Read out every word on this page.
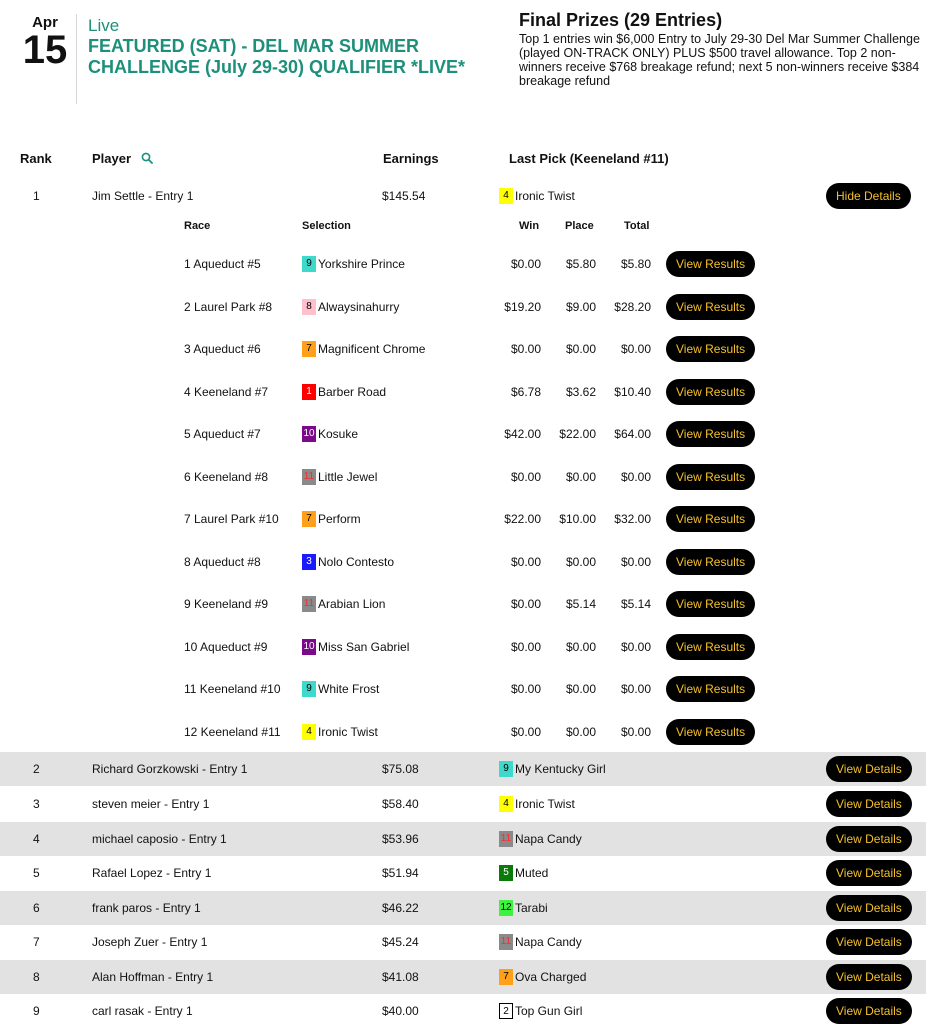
Apr
15
Live
FEATURED (SAT) - DEL MAR SUMMER CHALLENGE (July 29-30) QUALIFIER *LIVE*
Final Prizes (29 Entries)
Top 1 entries win $6,000 Entry to July 29-30 Del Mar Summer Challenge (played ON-TRACK ONLY) PLUS $500 travel allowance. Top 2 non-winners receive $768 breakage refund; next 5 non-winners receive $384 breakage refund
Rank	Player	Earnings	Last Pick (Keeneland #11)
1	Jim Settle - Entry 1	$145.54	4 Ironic Twist	Hide Details
2	Richard Gorzkowski - Entry 1	$75.08	9 My Kentucky Girl	View Details
3	steven meier - Entry 1	$58.40	4 Ironic Twist	View Details
4	michael caposio - Entry 1	$53.96	11 Napa Candy	View Details
5	Rafael Lopez - Entry 1	$51.94	5 Muted	View Details
6	frank paros - Entry 1	$46.22	12 Tarabi	View Details
7	Joseph Zuer - Entry 1	$45.24	11 Napa Candy	View Details
8	Alan Hoffman - Entry 1	$41.08	7 Ova Charged	View Details
9	carl rasak - Entry 1	$40.00	2 Top Gun Girl	View Details
Race	Selection	Win Place	Total
1 Aqueduct #5	9 Yorkshire Prince	$0.00 $5.80 $5.80	View Results
2 Laurel Park #8	8 Alwaysinahurry	$19.20 $9.00 $28.20	View Results
3 Aqueduct #6	7 Magnificent Chrome	$0.00 $0.00 $0.00	View Results
4 Keeneland #7	1 Barber Road	$6.78 $3.62 $10.40	View Results
5 Aqueduct #7	10 Kosuke	$42.00 $22.00 $64.00	View Results
6 Keeneland #8	11 Little Jewel	$0.00 $0.00 $0.00	View Results
7 Laurel Park #10	7 Perform	$22.00 $10.00 $32.00	View Results
8 Aqueduct #8	3 Nolo Contesto	$0.00 $0.00 $0.00	View Results
9 Keeneland #9	11 Arabian Lion	$0.00 $5.14 $5.14	View Results
10 Aqueduct #9	10 Miss San Gabriel	$0.00 $0.00 $0.00	View Results
11 Keeneland #10	9 White Frost	$0.00 $0.00 $0.00	View Results
12 Keeneland #11	4 Ironic Twist	$0.00 $0.00 $0.00	View Results
